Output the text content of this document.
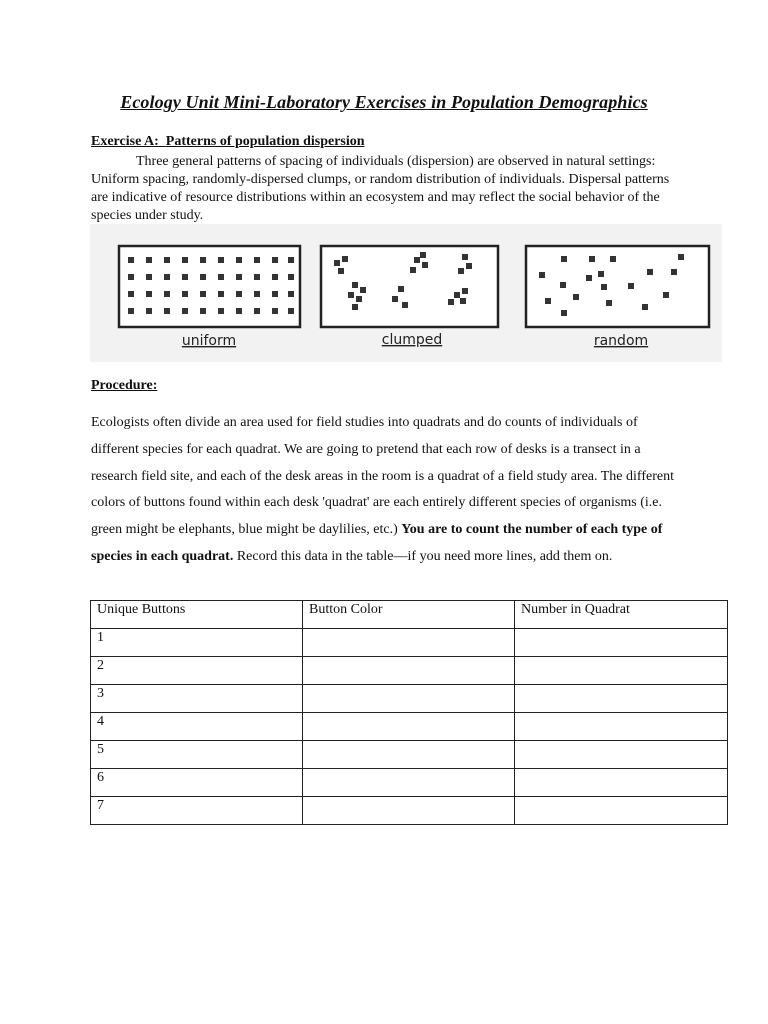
Ecology Unit Mini-Laboratory Exercises in Population Demographics

Exercise A: Patterns of population dispersion

Three general patterns of spacing of individuals (dispersion) are observed in natural settings: Uniform spacing, randomly-dispersed clumps, or random distribution of individuals. Dispersal patterns are indicative of resource distributions within an ecosystem and may reflect the social behavior of the species under study.

uniform	clumped	random

Procedure:

Ecologists often divide an area used for field studies into quadrats and do counts of individuals of different species for each quadrat. We are going to pretend that each row of desks is a transect in a research field site, and each of the desk areas in the room is a quadrat of a field study area. The different colors of buttons found within each desk 'quadrat' are each entirely different species of organisms (i.e. green might be elephants, blue might be daylilies, etc.) You are to count the number of each type of species in each quadrat. Record this data in the table—if you need more lines, add them on.

Unique Buttons	Button Color	Number in Quadrat
1		
2		
3		
4		
5		
6		
7		
